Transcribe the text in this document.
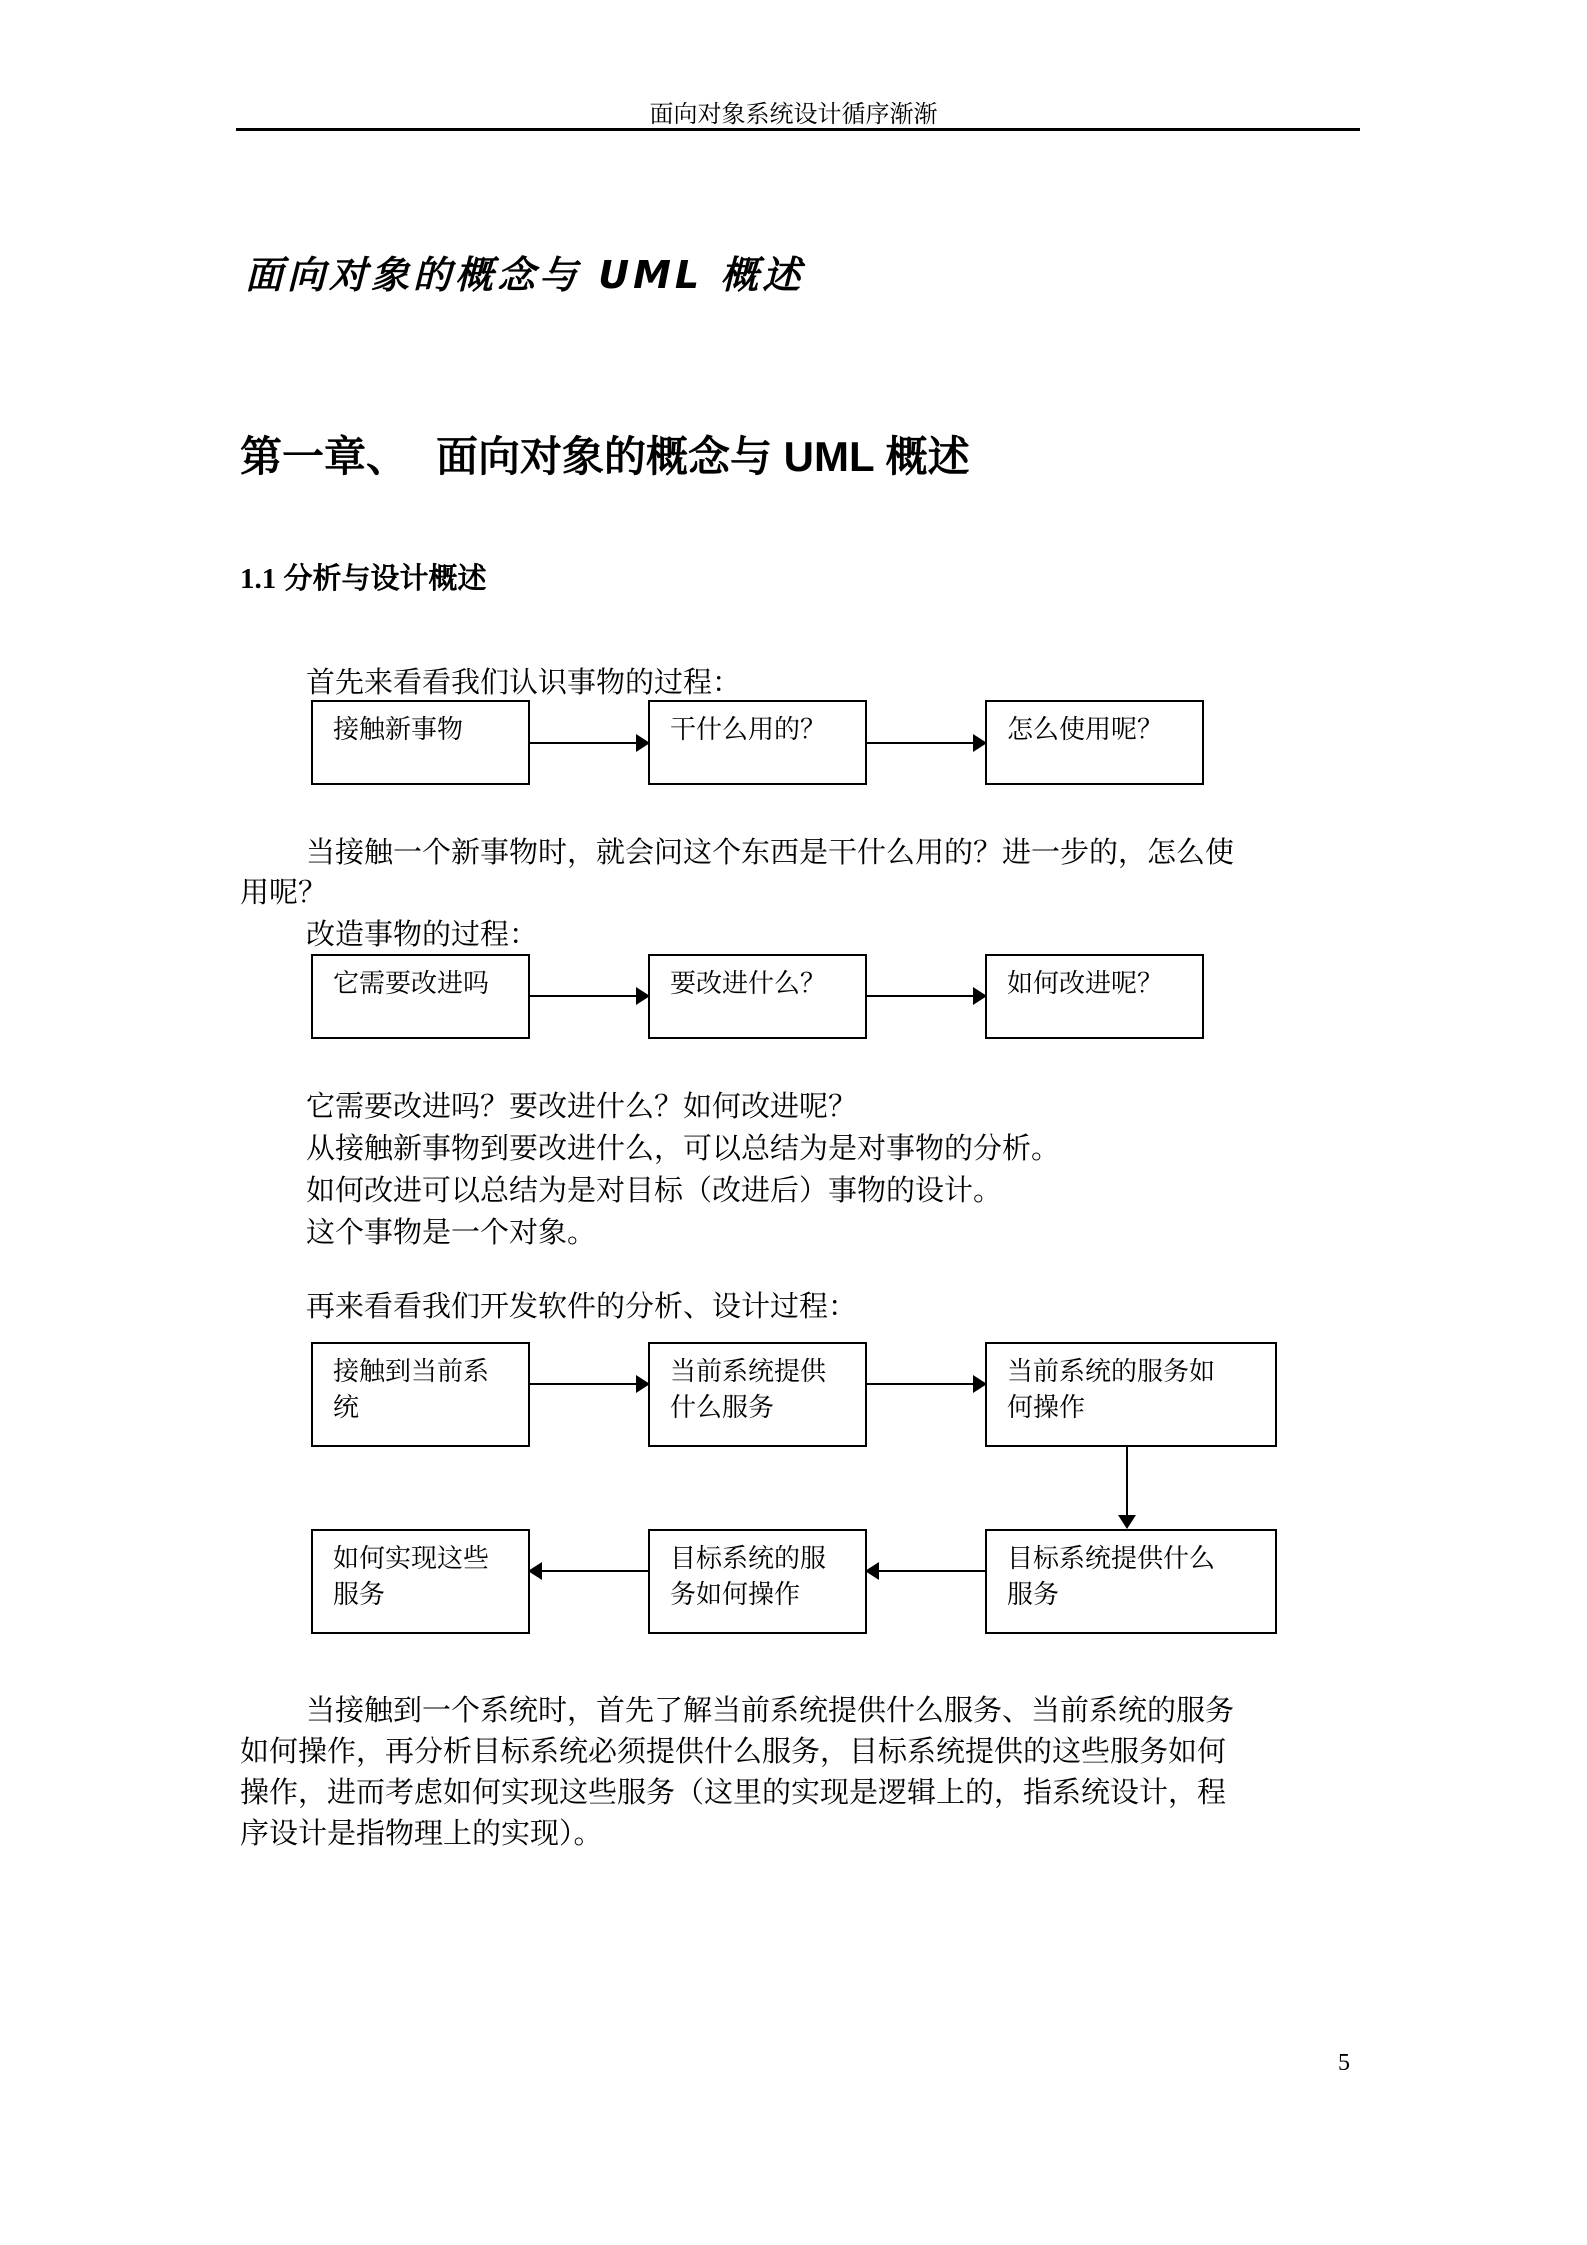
面向对象系统设计循序渐渐
面向对象的概念与 UML 概述
第一章、 面向对象的概念与 UML 概述
1.1 分析与设计概述
首先来看看我们认识事物的过程：
接触新事物	干什么用的？	怎么使用呢？
当接触一个新事物时，就会问这个东西是干什么用的？进一步的，怎么使
用呢？
改造事物的过程：
它需要改进吗	要改进什么？	如何改进呢？
它需要改进吗？要改进什么？如何改进呢？
从接触新事物到要改进什么，可以总结为是对事物的分析。
如何改进可以总结为是对目标（改进后）事物的设计。
这个事物是一个对象。
再来看看我们开发软件的分析、设计过程：
接触到当前系
统
当前系统提供
什么服务
当前系统的服务如
何操作
目标系统提供什么
服务
目标系统的服
务如何操作
如何实现这些
服务
当接触到一个系统时，首先了解当前系统提供什么服务、当前系统的服务
如何操作，再分析目标系统必须提供什么服务，目标系统提供的这些服务如何
操作，进而考虑如何实现这些服务（这里的实现是逻辑上的，指系统设计，程
序设计是指物理上的实现）。
5
